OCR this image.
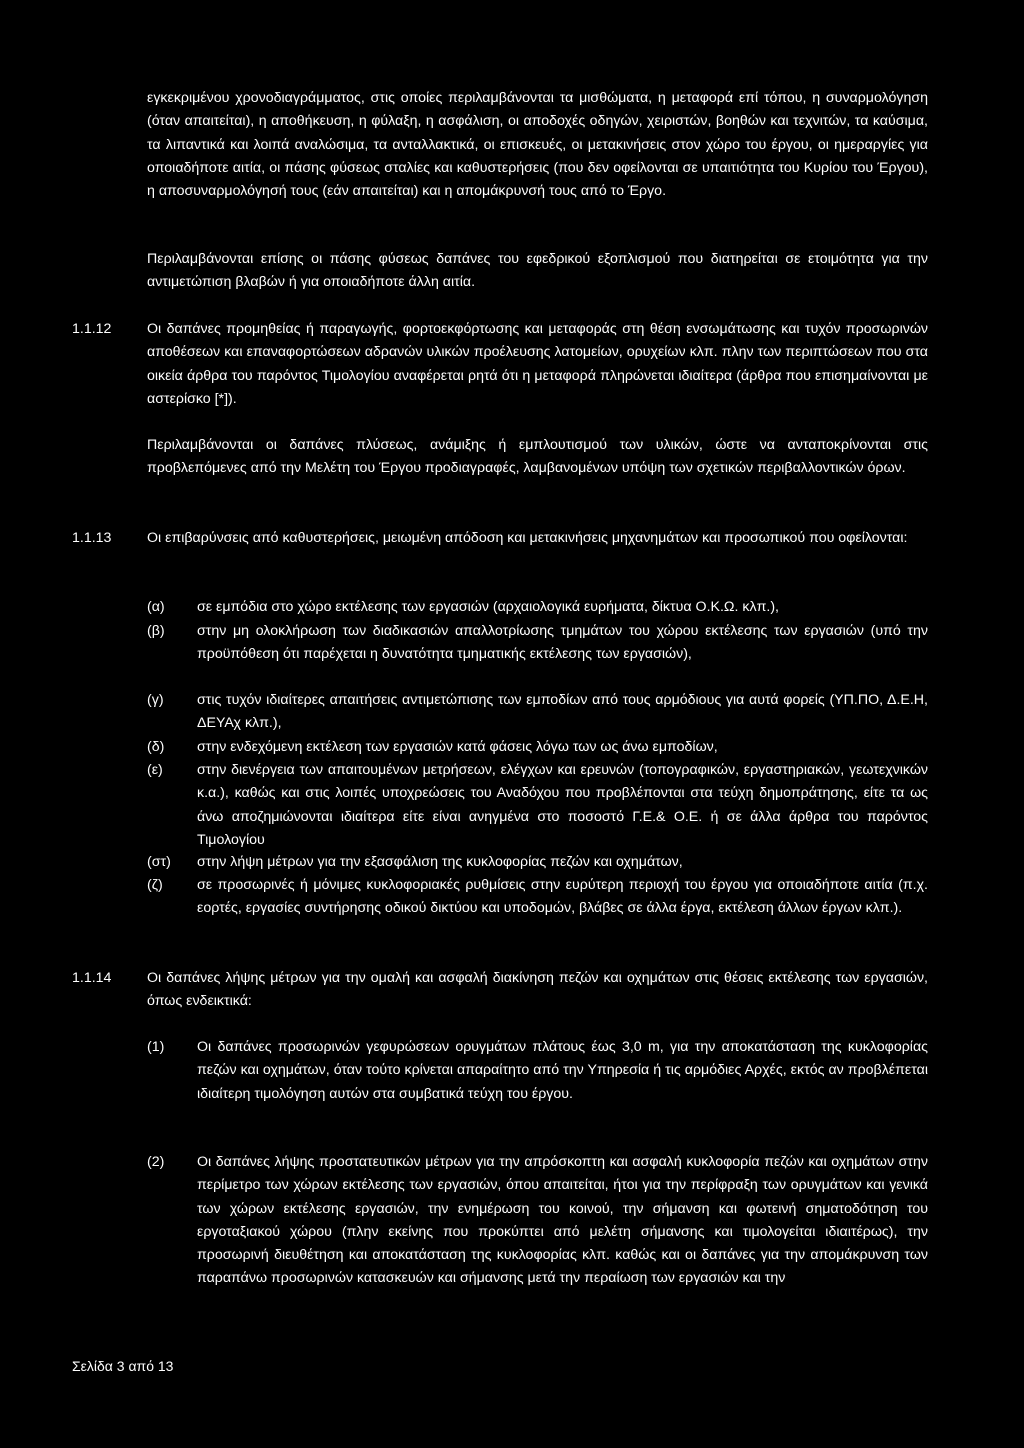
εγκεκριμένου χρονοδιαγράμματος, στις οποίες περιλαμβάνονται τα μισθώματα, η μεταφορά επί τόπου, η συναρμολόγηση (όταν απαιτείται), η αποθήκευση, η φύλαξη, η ασφάλιση, οι αποδοχές οδηγών, χειριστών, βοηθών και τεχνιτών, τα καύσιμα, τα λιπαντικά και λοιπά αναλώσιμα, τα ανταλλακτικά, οι επισκευές, οι μετακινήσεις στον χώρο του έργου, οι ημεραργίες για οποιαδήποτε αιτία, οι πάσης φύσεως σταλίες και καθυστερήσεις (που δεν οφείλονται σε υπαιτιότητα του Κυρίου του Έργου), η αποσυναρμολόγησή τους (εάν απαιτείται) και η απομάκρυνσή τους από το Έργο.

Περιλαμβάνονται επίσης οι πάσης φύσεως δαπάνες του εφεδρικού εξοπλισμού που διατηρείται σε ετοιμότητα για την αντιμετώπιση βλαβών ή για οποιαδήποτε άλλη αιτία.

1.1.12	Οι δαπάνες προμηθείας ή παραγωγής, φορτοεκφόρτωσης και μεταφοράς στη θέση ενσωμάτωσης και τυχόν προσωρινών αποθέσεων και επαναφορτώσεων αδρανών υλικών προέλευσης λατομείων, ορυχείων κλπ. πλην των περιπτώσεων που στα οικεία άρθρα του παρόντος Τιμολογίου αναφέρεται ρητά ότι η μεταφορά πληρώνεται ιδιαίτερα (άρθρα που επισημαίνονται με αστερίσκο [*]).

Περιλαμβάνονται οι δαπάνες πλύσεως, ανάμιξης ή εμπλουτισμού των υλικών, ώστε να ανταποκρίνονται στις προβλεπόμενες από την Μελέτη του Έργου προδιαγραφές, λαμβανομένων υπόψη των σχετικών περιβαλλοντικών όρων.

1.1.13	Οι επιβαρύνσεις από καθυστερήσεις, μειωμένη απόδοση και μετακινήσεις μηχανημάτων και προσωπικού που οφείλονται:

(α)	σε εμπόδια στο χώρο εκτέλεσης των εργασιών (αρχαιολογικά ευρήματα, δίκτυα Ο.Κ.Ω. κλπ.),

(β)	στην μη ολοκλήρωση των διαδικασιών απαλλοτρίωσης τμημάτων του χώρου εκτέλεσης των εργασιών (υπό την προϋπόθεση ότι παρέχεται η δυνατότητα τμηματικής εκτέλεσης των εργασιών),

(γ)	στις τυχόν ιδιαίτερες απαιτήσεις αντιμετώπισης των εμποδίων από τους αρμόδιους για αυτά φορείς (ΥΠ.ΠΟ, Δ.Ε.Η, ΔΕΥΑχ κλπ.),

(δ)	στην ενδεχόμενη εκτέλεση των εργασιών κατά φάσεις λόγω των ως άνω εμποδίων,

(ε)	στην διενέργεια των απαιτουμένων μετρήσεων, ελέγχων και ερευνών (τοπογραφικών, εργαστηριακών, γεωτεχνικών κ.α.), καθώς και στις λοιπές υποχρεώσεις του Αναδόχου που προβλέπονται στα τεύχη δημοπράτησης, είτε τα ως άνω αποζημιώνονται ιδιαίτερα είτε είναι ανηγμένα στο ποσοστό Γ.Ε.& Ο.Ε. ή σε άλλα άρθρα του παρόντος Τιμολογίου

(στ)	στην λήψη μέτρων για την εξασφάλιση της κυκλοφορίας πεζών και οχημάτων,

(ζ)	σε προσωρινές ή μόνιμες κυκλοφοριακές ρυθμίσεις στην ευρύτερη περιοχή του έργου για οποιαδήποτε αιτία (π.χ. εορτές, εργασίες συντήρησης οδικού δικτύου και υποδομών, βλάβες σε άλλα έργα, εκτέλεση άλλων έργων κλπ.).

1.1.14	Οι δαπάνες λήψης μέτρων για την ομαλή και ασφαλή διακίνηση πεζών και οχημάτων στις θέσεις εκτέλεσης των εργασιών, όπως ενδεικτικά:

(1)	Οι δαπάνες προσωρινών γεφυρώσεων ορυγμάτων πλάτους έως 3,0 m, για την αποκατάσταση της κυκλοφορίας πεζών και οχημάτων, όταν τούτο κρίνεται απαραίτητο από την Υπηρεσία ή τις αρμόδιες Αρχές, εκτός αν προβλέπεται ιδιαίτερη τιμολόγηση αυτών στα συμβατικά τεύχη του έργου.

(2)	Οι δαπάνες λήψης προστατευτικών μέτρων για την απρόσκοπτη και ασφαλή κυκλοφορία πεζών και οχημάτων στην περίμετρο των χώρων εκτέλεσης των εργασιών, όπου απαιτείται, ήτοι για την περίφραξη των ορυγμάτων και γενικά των χώρων εκτέλεσης εργασιών, την ενημέρωση του κοινού, την σήμανση και φωτεινή σηματοδότηση του εργοταξιακού χώρου (πλην εκείνης που προκύπτει από μελέτη σήμανσης και τιμολογείται ιδιαιτέρως), την προσωρινή διευθέτηση και αποκατάσταση της κυκλοφορίας κλπ. καθώς και οι δαπάνες για την απομάκρυνση των παραπάνω προσωρινών κατασκευών και σήμανσης μετά την περαίωση των εργασιών και την

Σελίδα 3 από 13
